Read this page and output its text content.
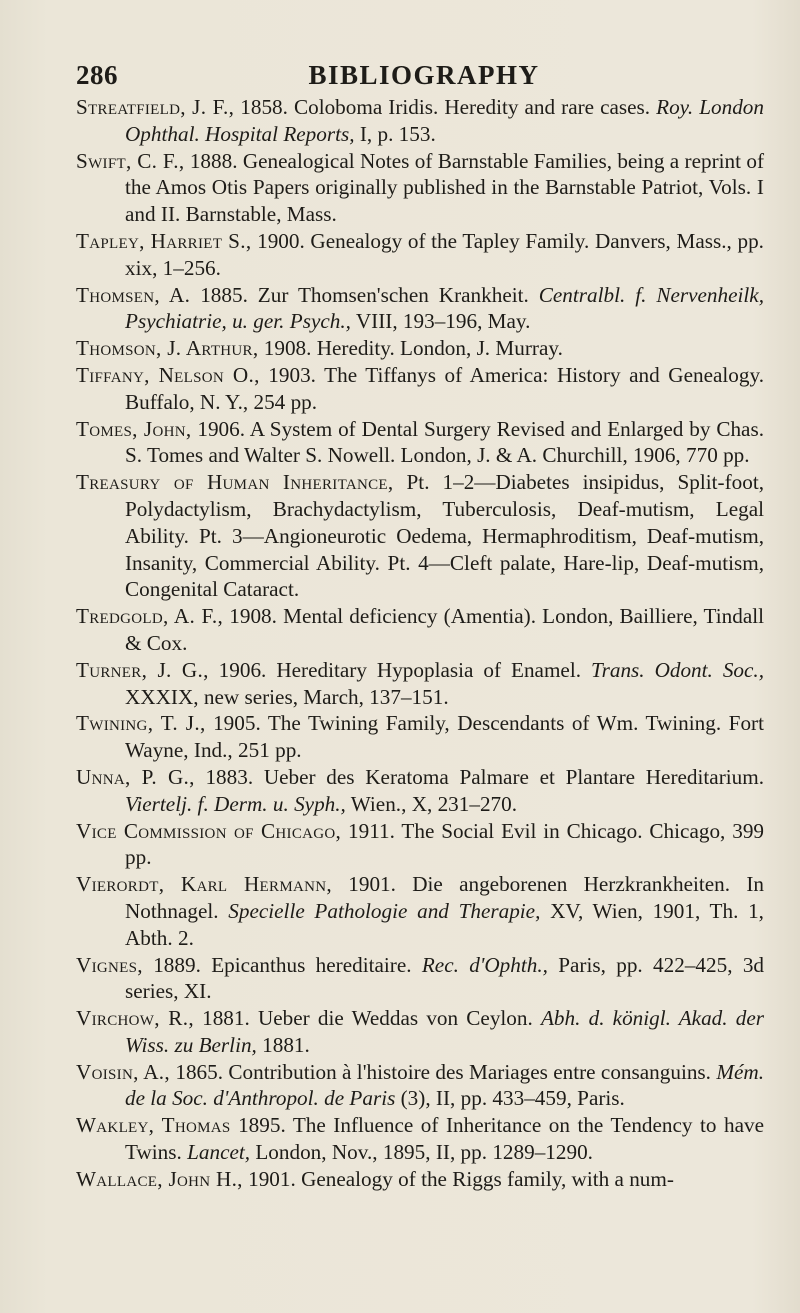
286	BIBLIOGRAPHY

Streatfield, J. F., 1858. Coloboma Iridis. Heredity and rare cases. Roy. London Ophthal. Hospital Reports, I, p. 153.

Swift, C. F., 1888. Genealogical Notes of Barnstable Families, being a reprint of the Amos Otis Papers originally published in the Barnstable Patriot, Vols. I and II. Barnstable, Mass.

Tapley, Harriet S., 1900. Genealogy of the Tapley Family. Danvers, Mass., pp. xix, 1–256.

Thomsen, A. 1885. Zur Thomsen'schen Krankheit. Centralbl. f. Nervenheilk, Psychiatrie, u. ger. Psych., VIII, 193–196, May.

Thomson, J. Arthur, 1908. Heredity. London, J. Murray.

Tiffany, Nelson O., 1903. The Tiffanys of America: History and Genealogy. Buffalo, N. Y., 254 pp.

Tomes, John, 1906. A System of Dental Surgery Revised and Enlarged by Chas. S. Tomes and Walter S. Nowell. London, J. & A. Churchill, 1906, 770 pp.

Treasury of Human Inheritance, Pt. 1–2—Diabetes insipidus, Split-foot, Polydactylism, Brachydactylism, Tuberculosis, Deaf-mutism, Legal Ability. Pt. 3—Angioneurotic Oedema, Hermaphroditism, Deaf-mutism, Insanity, Commercial Ability. Pt. 4—Cleft palate, Hare-lip, Deaf-mutism, Congenital Cataract.

Tredgold, A. F., 1908. Mental deficiency (Amentia). London, Bailliere, Tindall & Cox.

Turner, J. G., 1906. Hereditary Hypoplasia of Enamel. Trans. Odont. Soc., XXXIX, new series, March, 137–151.

Twining, T. J., 1905. The Twining Family, Descendants of Wm. Twining. Fort Wayne, Ind., 251 pp.

Unna, P. G., 1883. Ueber des Keratoma Palmare et Plantare Hereditarium. Viertelj. f. Derm. u. Syph., Wien., X, 231–270.

Vice Commission of Chicago, 1911. The Social Evil in Chicago. Chicago, 399 pp.

Vierordt, Karl Hermann, 1901. Die angeborenen Herzkrankheiten. In Nothnagel. Specielle Pathologie and Therapie, XV, Wien, 1901, Th. 1, Abth. 2.

Vignes, 1889. Epicanthus hereditaire. Rec. d'Ophth., Paris, pp. 422–425, 3d series, XI.

Virchow, R., 1881. Ueber die Weddas von Ceylon. Abh. d. königl. Akad. der Wiss. zu Berlin, 1881.

Voisin, A., 1865. Contribution à l'histoire des Mariages entre consanguins. Mém. de la Soc. d'Anthropol. de Paris (3), II, pp. 433–459, Paris.

Wakley, Thomas 1895. The Influence of Inheritance on the Tendency to have Twins. Lancet, London, Nov., 1895, II, pp. 1289–1290.

Wallace, John H., 1901. Genealogy of the Riggs family, with a num-
